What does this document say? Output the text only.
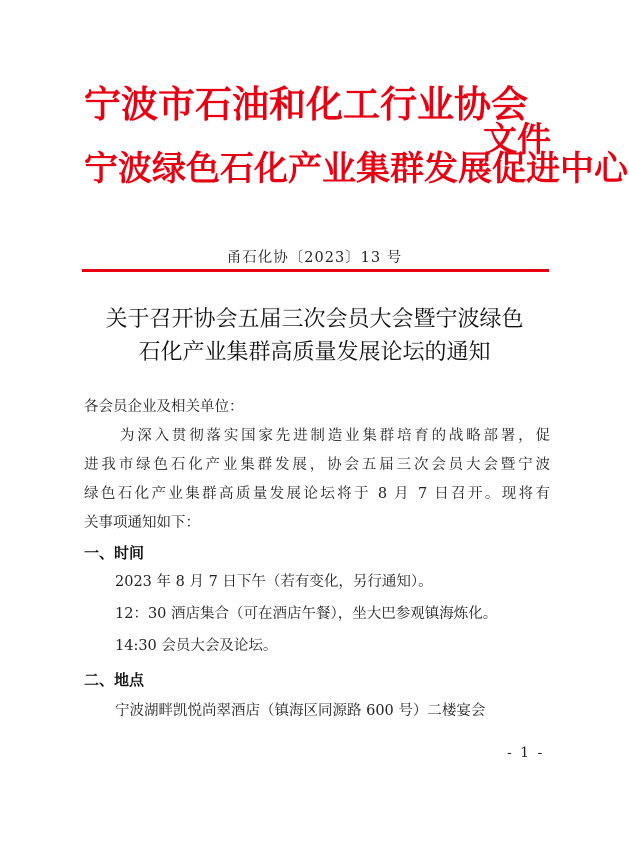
宁波市石油和化工行业协会
宁波绿色石化产业集群发展促进中心
文件
甬石化协〔2023〕13 号
关于召开协会五届三次会员大会暨宁波绿色
石化产业集群高质量发展论坛的通知
各会员企业及相关单位：
为深入贯彻落实国家先进制造业集群培育的战略部署，促
进我市绿色石化产业集群发展，协会五届三次会员大会暨宁波
绿色石化产业集群高质量发展论坛将于 8 月 7 日召开。现将有
关事项通知如下：
一、时间
2023 年 8 月 7 日下午（若有变化，另行通知）。
12：30 酒店集合（可在酒店午餐），坐大巴参观镇海炼化。
14:30 会员大会及论坛。
二、地点
宁波湖畔凯悦尚翠酒店（镇海区同源路 600 号）二楼宴会
- 1 -
